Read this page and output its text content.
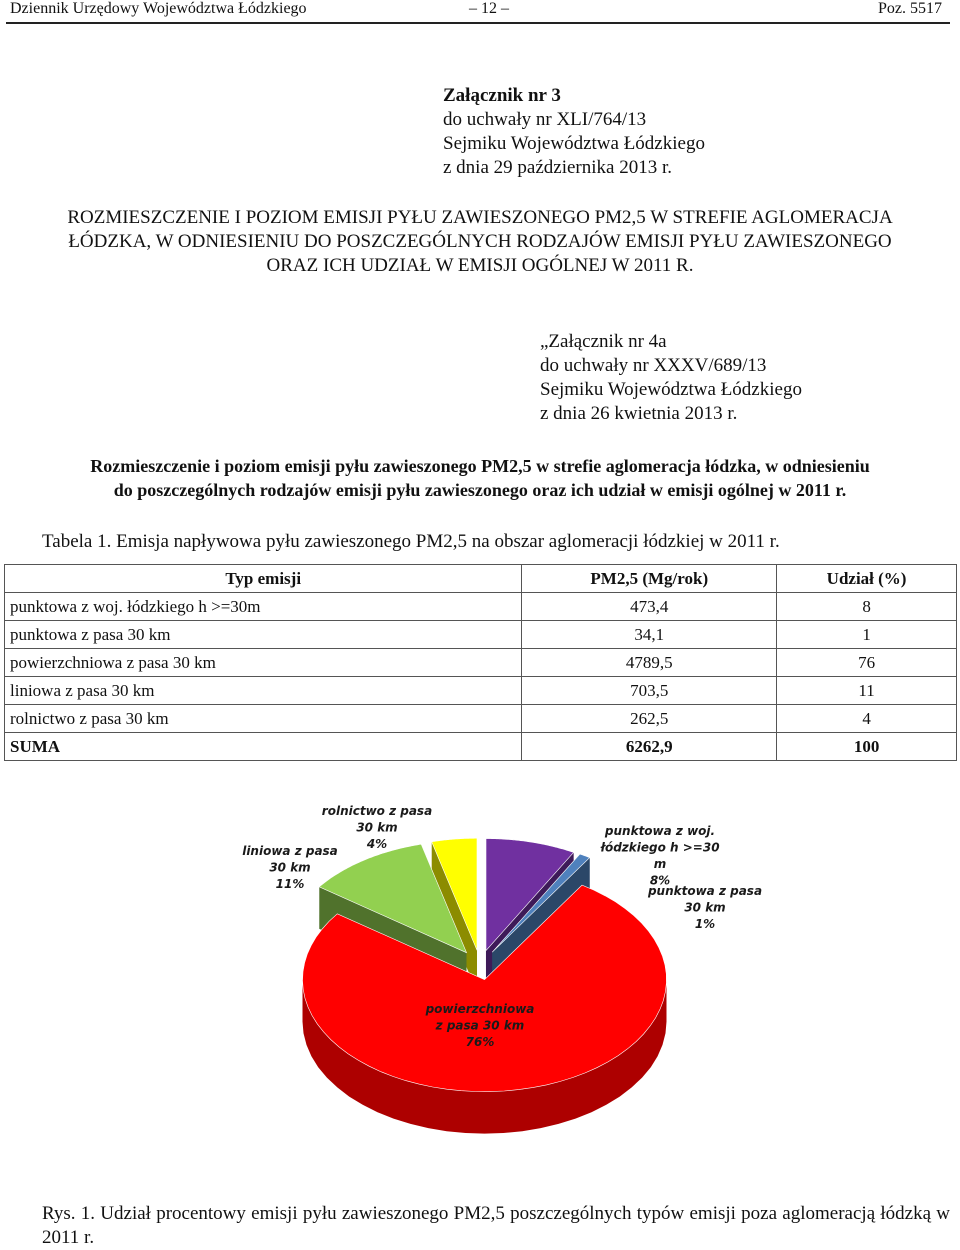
Dziennik Urzędowy Województwa Łódzkiego	– 12 –	Poz. 5517
Załącznik nr 3
do uchwały nr XLI/764/13
Sejmiku Województwa Łódzkiego
z dnia 29 października 2013 r.
ROZMIESZCZENIE I POZIOM EMISJI PYŁU ZAWIESZONEGO PM2,5 W STREFIE AGLOMERACJA
ŁÓDZKA, W ODNIESIENIU DO POSZCZEGÓLNYCH RODZAJÓW EMISJI PYŁU ZAWIESZONEGO
ORAZ ICH UDZIAŁ W EMISJI OGÓLNEJ W 2011 R.
„Załącznik nr 4a
do uchwały nr XXXV/689/13
Sejmiku Województwa Łódzkiego
z dnia 26 kwietnia 2013 r.
Rozmieszczenie i poziom emisji pyłu zawieszonego PM2,5 w strefie aglomeracja łódzka, w odniesieniu
do poszczególnych rodzajów emisji pyłu zawieszonego oraz ich udział w emisji ogólnej w 2011 r.
Tabela 1. Emisja napływowa pyłu zawieszonego PM2,5 na obszar aglomeracji łódzkiej w 2011 r.
Typ emisji	PM2,5 (Mg/rok)	Udział (%)
punktowa z woj. łódzkiego h >=30m	473,4	8
punktowa z pasa 30 km	34,1	1
powierzchniowa z pasa 30 km	4789,5	76
liniowa z pasa 30 km	703,5	11
rolnictwo z pasa 30 km	262,5	4
SUMA	6262,9	100
punktowa z woj. łódzkiego h >=30 m 8%
punktowa z pasa 30 km 1%
powierzchniowa z pasa 30 km 76%
liniowa z pasa 30 km 11%
rolnictwo z pasa 30 km 4%
Rys. 1. Udział procentowy emisji pyłu zawieszonego PM2,5 poszczególnych typów emisji poza aglomeracją łódzką w 2011 r.
